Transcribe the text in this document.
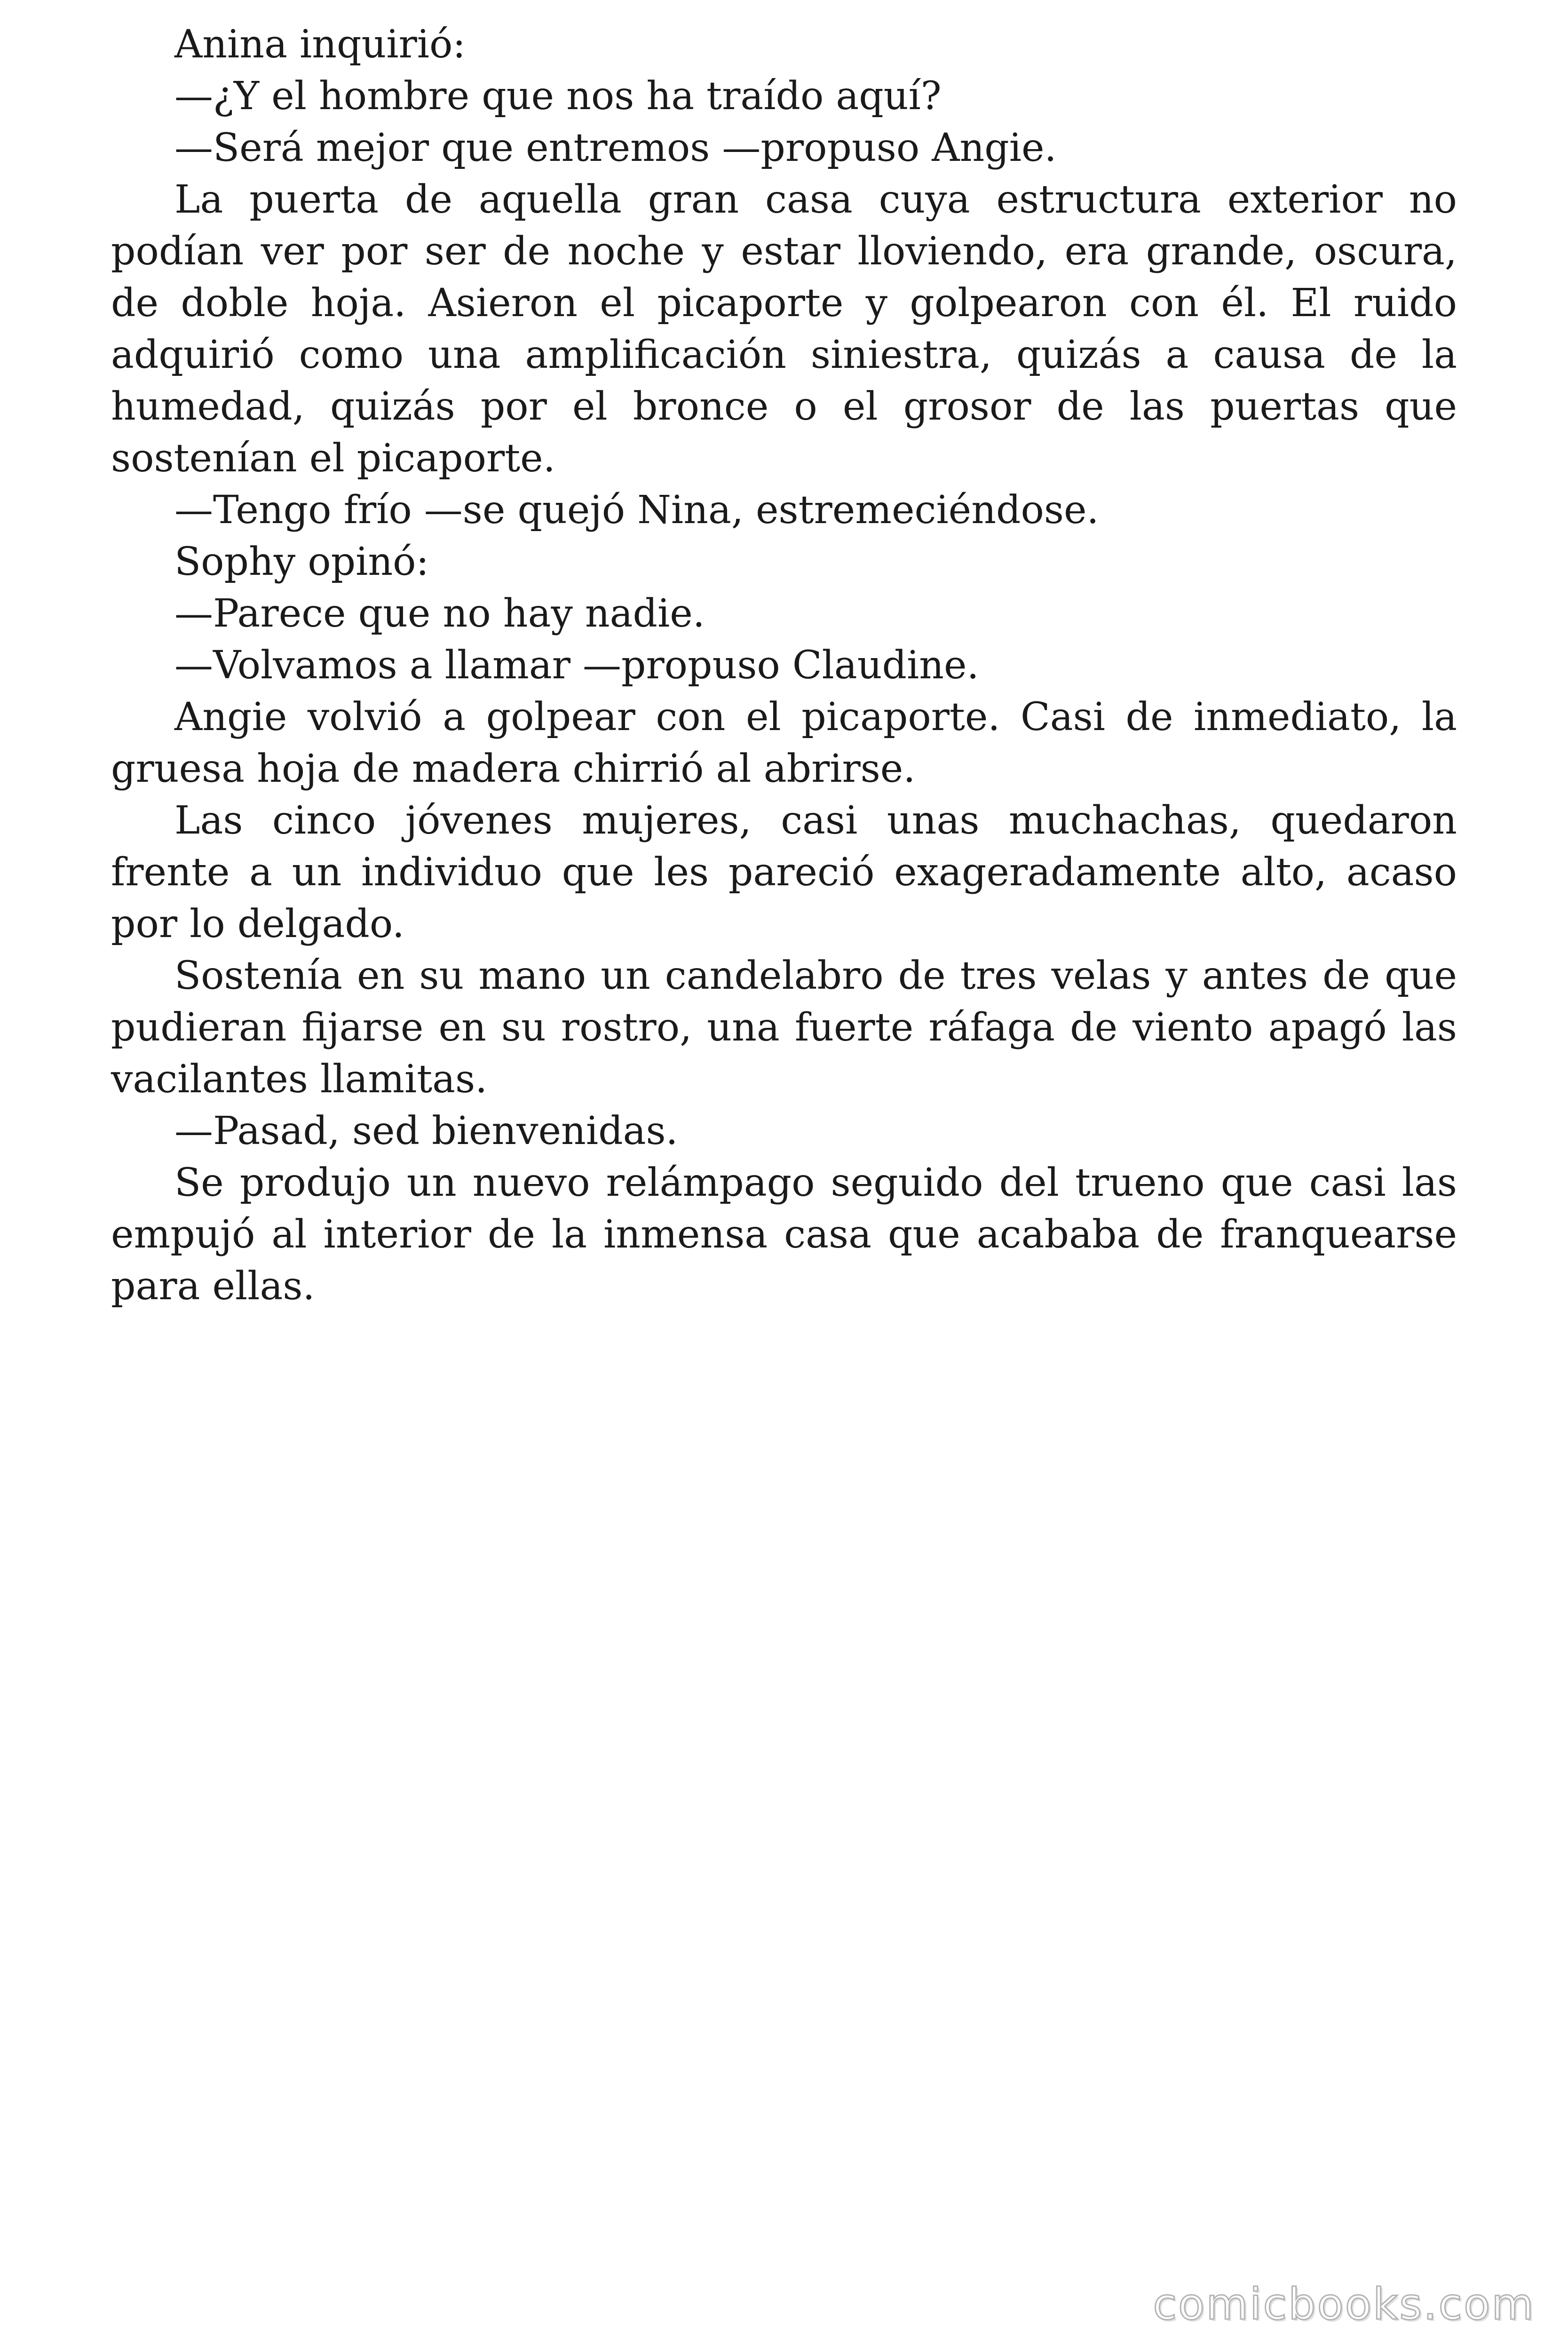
Anina inquirió:

—¿Y el hombre que nos ha traído aquí?

—Será mejor que entremos —propuso Angie.

La puerta de aquella gran casa cuya estructura exterior no podían ver por ser de noche y estar lloviendo, era grande, oscura, de doble hoja. Asieron el picaporte y golpearon con él. El ruido adquirió como una amplificación siniestra, quizás a causa de la humedad, quizás por el bronce o el grosor de las puertas que sostenían el picaporte.

—Tengo frío —se quejó Nina, estremeciéndose.

Sophy opinó:

—Parece que no hay nadie.

—Volvamos a llamar —propuso Claudine.

Angie volvió a golpear con el picaporte. Casi de inmediato, la gruesa hoja de madera chirrió al abrirse.

Las cinco jóvenes mujeres, casi unas muchachas, quedaron frente a un individuo que les pareció exageradamente alto, acaso por lo delgado.

Sostenía en su mano un candelabro de tres velas y antes de que pudieran fijarse en su rostro, una fuerte ráfaga de viento apagó las vacilantes llamitas.

—Pasad, sed bienvenidas.

Se produjo un nuevo relámpago seguido del trueno que casi las empujó al interior de la inmensa casa que acababa de franquearse para ellas.

comicbooks.com
